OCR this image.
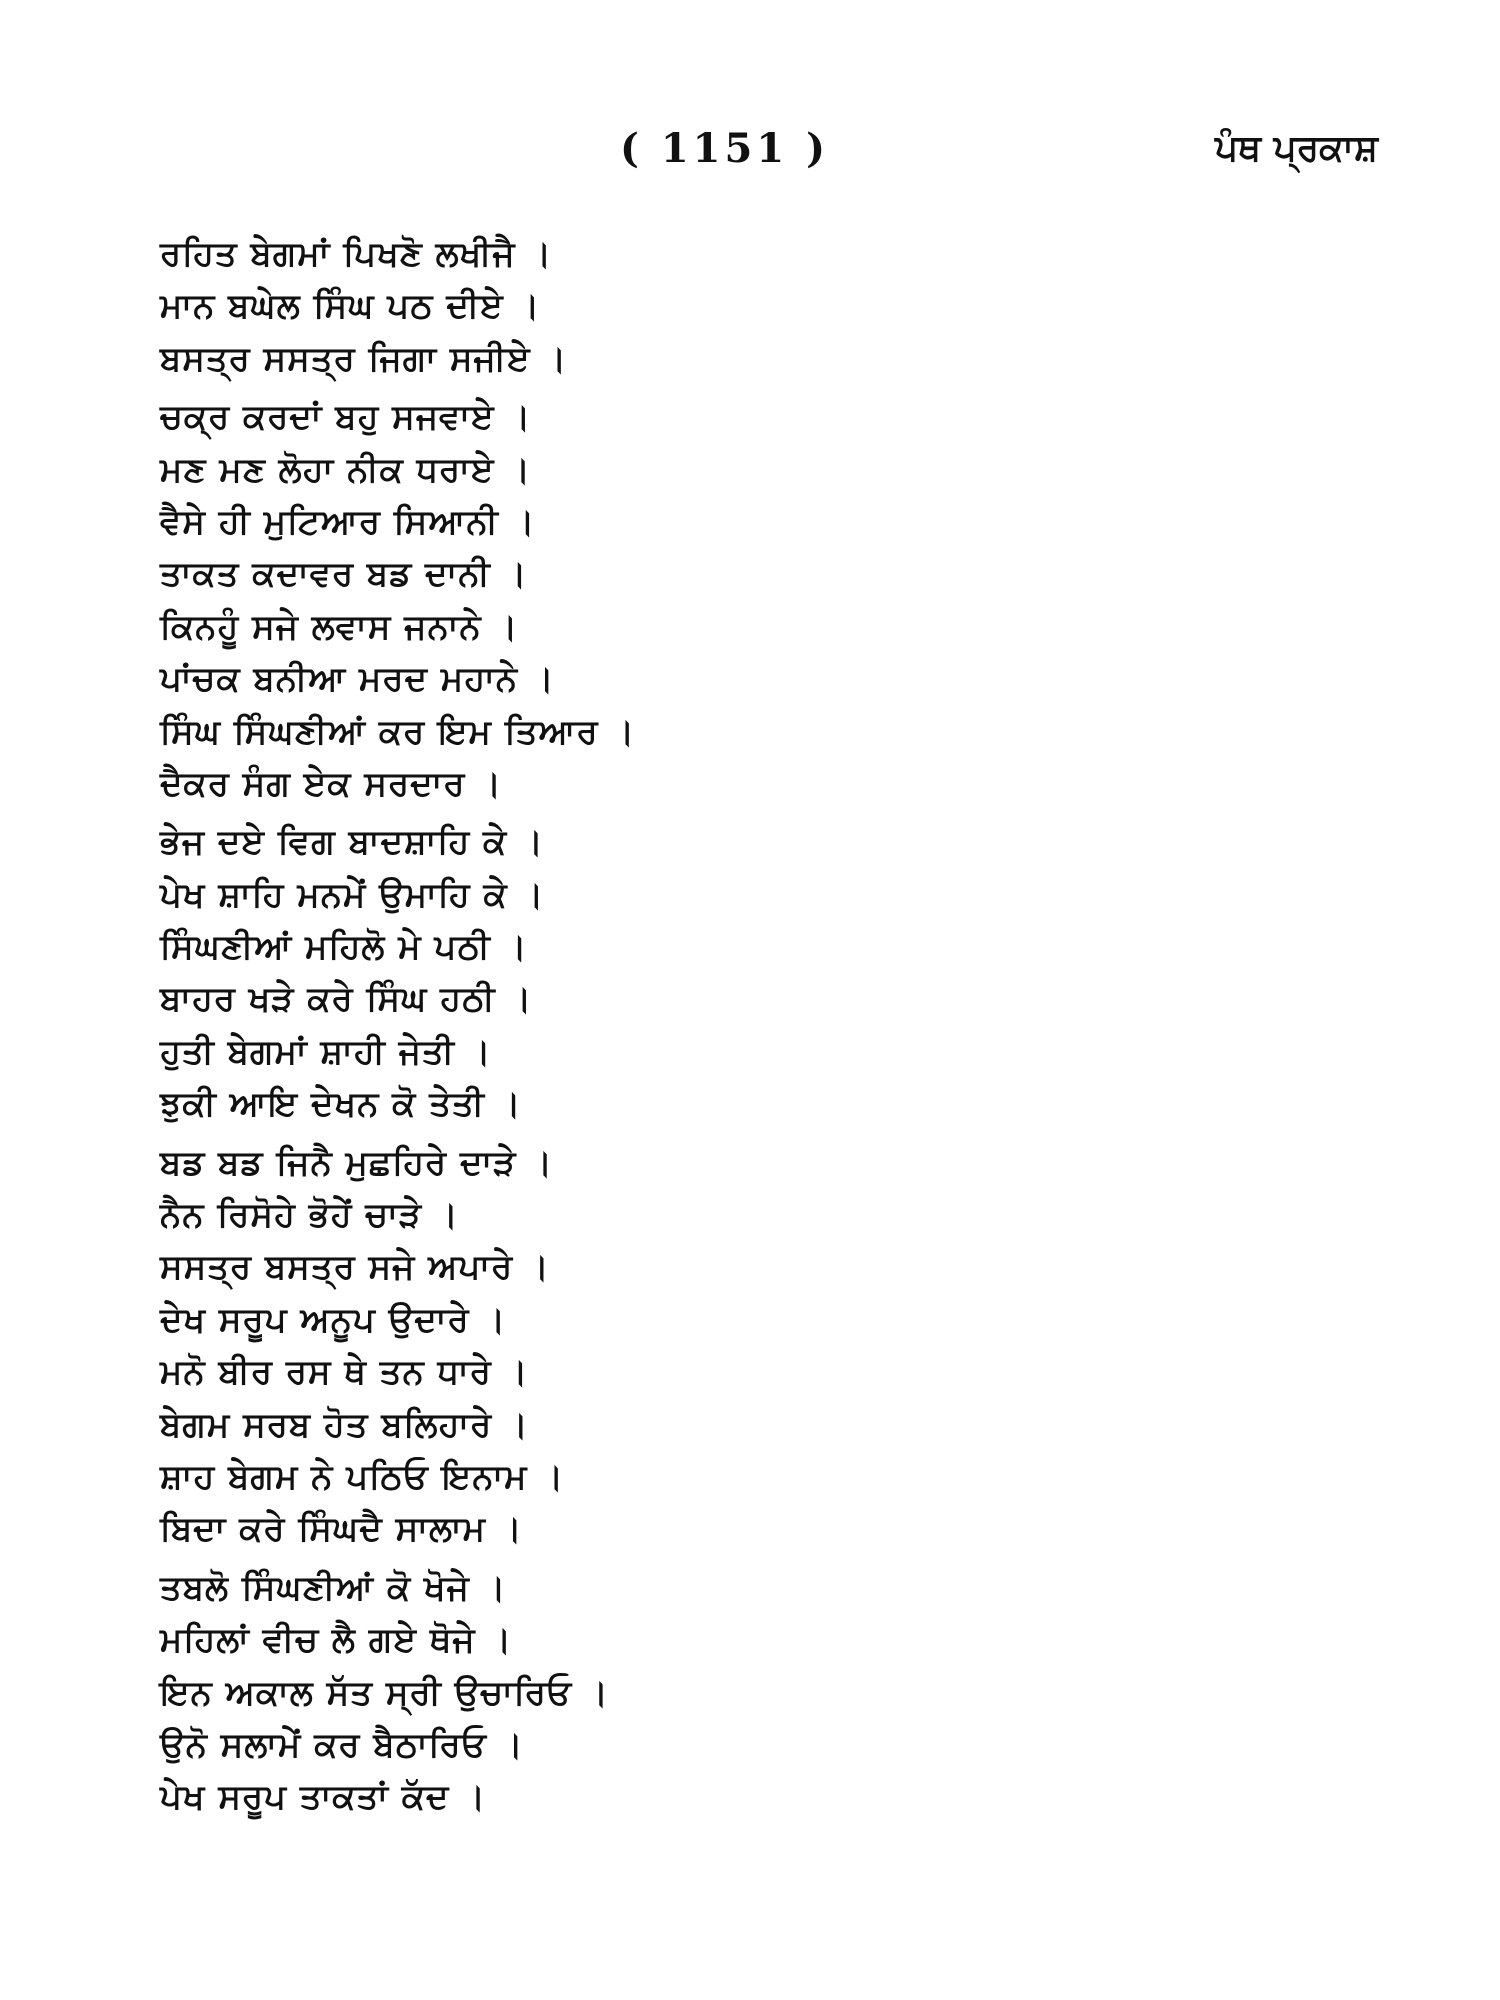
( 1151 )	ਪੰਥ ਪ੍ਰਕਾਸ਼

ਰਹਿਤ ਬੇਗਮਾਂ ਪਿਖਣੋ ਲਖੀਜੈ ।
ਮਾਨ ਬਘੇਲ ਸਿੰਘ ਪਠ ਦੀਏ ।
ਬਸਤ੍ਰ ਸਸਤ੍ਰ ਜਿਗਾ ਸਜੀਏ ।
ਚਕ੍ਰ ਕਰਦਾਂ ਬਹੁ ਸਜਵਾਏ ।
ਮਣ ਮਣ ਲੋਹਾ ਨੀਕ ਧਰਾਏ ।
ਵੈਸੇ ਹੀ ਮੁਟਿਆਰ ਸਿਆਨੀ ।
ਤਾਕਤ ਕਦਾਵਰ ਬਡ ਦਾਨੀ ।
ਕਿਨਹੂੰ ਸਜੇ ਲਵਾਸ ਜਨਾਨੇ ।
ਪਾਂਚਕ ਬਨੀਆ ਮਰਦ ਮਹਾਨੇ ।
ਸਿੰਘ ਸਿੰਘਣੀਆਂ ਕਰ ਇਮ ਤਿਆਰ ।
ਦੈਕਰ ਸੰਗ ਏਕ ਸਰਦਾਰ ।
ਭੇਜ ਦਏ ਵਿਗ ਬਾਦਸ਼ਾਹਿ ਕੇ ।
ਪੇਖ ਸ਼ਾਹਿ ਮਨਮੇਂ ਉਮਾਹਿ ਕੇ ।
ਸਿੰਘਣੀਆਂ ਮਹਿਲੋ ਮੇ ਪਠੀ ।
ਬਾਹਰ ਖੜੇ ਕਰੇ ਸਿੰਘ ਹਠੀ ।
ਹੁਤੀ ਬੇਗਮਾਂ ਸ਼ਾਹੀ ਜੇਤੀ ।
ਝੁਕੀ ਆਇ ਦੇਖਨ ਕੋ ਤੇਤੀ ।
ਬਡ ਬਡ ਜਿਨੈ ਮੁਛਹਿਰੇ ਦਾੜੇ ।
ਨੈਨ ਰਿਸੋਹੇ ਭੋਹੇਂ ਚਾੜੇ ।
ਸਸਤ੍ਰ ਬਸਤ੍ਰ ਸਜੇ ਅਪਾਰੇ ।
ਦੇਖ ਸਰੂਪ ਅਨੂਪ ਉਦਾਰੇ ।
ਮਨੋ ਬੀਰ ਰਸ ਥੇ ਤਨ ਧਾਰੇ ।
ਬੇਗਮ ਸਰਬ ਹੋਤ ਬਲਿਹਾਰੇ ।
ਸ਼ਾਹ ਬੇਗਮ ਨੇ ਪਠਿਓ ਇਨਾਮ ।
ਬਿਦਾ ਕਰੇ ਸਿੰਘਦੈ ਸਾਲਾਮ ।
ਤਬਲੋ ਸਿੰਘਣੀਆਂ ਕੋ ਖੋਜੇ ।
ਮਹਿਲਾਂ ਵੀਚ ਲੈ ਗਏ ਥੋਜੇ ।
ਇਨ ਅਕਾਲ ਸੱਤ ਸ੍ਰੀ ਉਚਾਰਿਓ ।
ਉਨੋ ਸਲਾਮੇਂ ਕਰ ਬੈਠਾਰਿਓ ।
ਪੇਖ ਸਰੂਪ ਤਾਕਤਾਂ ਕੱਦ ।
